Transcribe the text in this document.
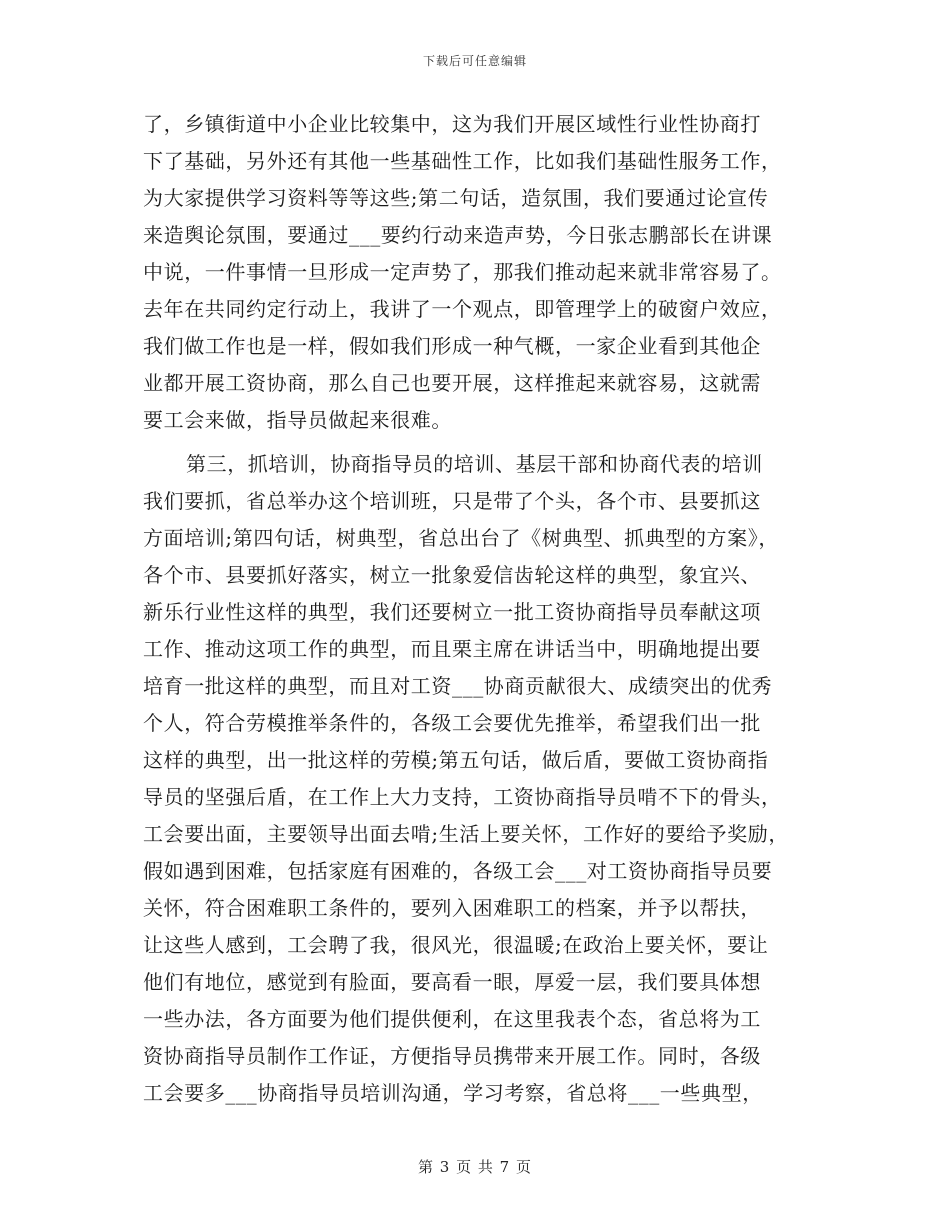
下载后可任意编辑
了，乡镇街道中小企业比较集中，这为我们开展区域性行业性协商打
下了基础，另外还有其他一些基础性工作，比如我们基础性服务工作，
为大家提供学习资料等等这些;第二句话，造氛围，我们要通过论宣传
来造舆论氛围，要通过___要约行动来造声势，今日张志鹏部长在讲课
中说，一件事情一旦形成一定声势了，那我们推动起来就非常容易了。
去年在共同约定行动上，我讲了一个观点，即管理学上的破窗户效应，
我们做工作也是一样，假如我们形成一种气概，一家企业看到其他企
业都开展工资协商，那么自己也要开展，这样推起来就容易，这就需
要工会来做，指导员做起来很难。
第三，抓培训，协商指导员的培训、基层干部和协商代表的培训
我们要抓，省总举办这个培训班，只是带了个头，各个市、县要抓这
方面培训;第四句话，树典型，省总出台了《树典型、抓典型的方案》，
各个市、县要抓好落实，树立一批象爱信齿轮这样的典型，象宜兴、
新乐行业性这样的典型，我们还要树立一批工资协商指导员奉献这项
工作、推动这项工作的典型，而且栗主席在讲话当中，明确地提出要
培育一批这样的典型，而且对工资___协商贡献很大、成绩突出的优秀
个人，符合劳模推举条件的，各级工会要优先推举，希望我们出一批
这样的典型，出一批这样的劳模;第五句话，做后盾，要做工资协商指
导员的坚强后盾，在工作上大力支持，工资协商指导员啃不下的骨头，
工会要出面，主要领导出面去啃;生活上要关怀，工作好的要给予奖励，
假如遇到困难，包括家庭有困难的，各级工会___对工资协商指导员要
关怀，符合困难职工条件的，要列入困难职工的档案，并予以帮扶，
让这些人感到，工会聘了我，很风光，很温暖;在政治上要关怀，要让
他们有地位，感觉到有脸面，要高看一眼，厚爱一层，我们要具体想
一些办法，各方面要为他们提供便利，在这里我表个态，省总将为工
资协商指导员制作工作证，方便指导员携带来开展工作。同时，各级
工会要多___协商指导员培训沟通，学习考察，省总将___一些典型，
第 3 页 共 7 页
